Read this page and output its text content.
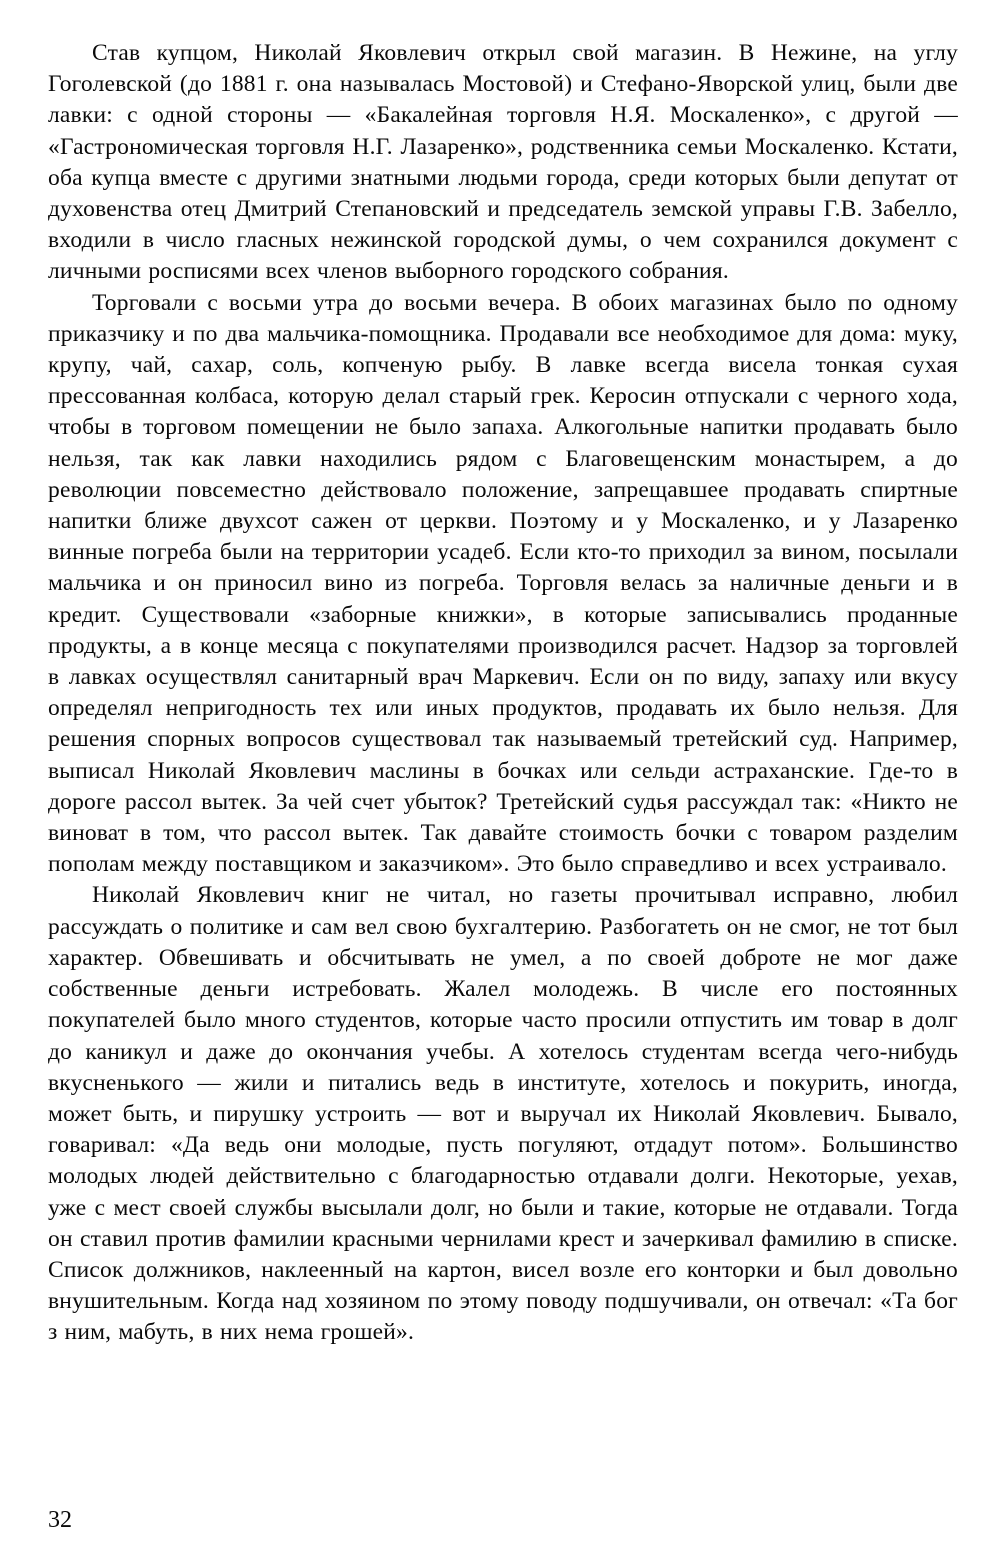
Став купцом, Николай Яковлевич открыл свой магазин. В Нежине, на углу Гоголевской (до 1881 г. она называлась Мостовой) и Стефано-Яворской улиц, были две лавки: с одной стороны — «Бакалейная торговля Н.Я. Москаленко», с другой — «Гастрономическая торговля Н.Г. Лазаренко», родственника семьи Москаленко. Кстати, оба купца вместе с другими знатными людьми города, среди которых были депутат от духовенства отец Дмитрий Степановский и председатель земской управы Г.В. Забелло, входили в число гласных нежинской городской думы, о чем сохранился документ с личными росписями всех членов выборного городского собрания.

Торговали с восьми утра до восьми вечера. В обоих магазинах было по одному приказчику и по два мальчика-помощника. Продавали все необходимое для дома: муку, крупу, чай, сахар, соль, копченую рыбу. В лавке всегда висела тонкая сухая прессованная колбаса, которую делал старый грек. Керосин отпускали с черного хода, чтобы в торговом помещении не было запаха. Алкогольные напитки продавать было нельзя, так как лавки находились рядом с Благовещенским монастырем, а до революции повсеместно действовало положение, запрещавшее продавать спиртные напитки ближе двухсот сажен от церкви. Поэтому и у Москаленко, и у Лазаренко винные погреба были на территории усадеб. Если кто-то приходил за вином, посылали мальчика и он приносил вино из погреба. Торговля велась за наличные деньги и в кредит. Существовали «заборные книжки», в которые записывались проданные продукты, а в конце месяца с покупателями производился расчет. Надзор за торговлей в лавках осуществлял санитарный врач Маркевич. Если он по виду, запаху или вкусу определял непригодность тех или иных продуктов, продавать их было нельзя. Для решения спорных вопросов существовал так называемый третейский суд. Например, выписал Николай Яковлевич маслины в бочках или сельди астраханские. Где-то в дороге рассол вытек. За чей счет убыток? Третейский судья рассуждал так: «Никто не виноват в том, что рассол вытек. Так давайте стоимость бочки с товаром разделим пополам между поставщиком и заказчиком». Это было справедливо и всех устраивало.

Николай Яковлевич книг не читал, но газеты прочитывал исправно, любил рассуждать о политике и сам вел свою бухгалтерию. Разбогатеть он не смог, не тот был характер. Обвешивать и обсчитывать не умел, а по своей доброте не мог даже собственные деньги истребовать. Жалел молодежь. В числе его постоянных покупателей было много студентов, которые часто просили отпустить им товар в долг до каникул и даже до окончания учебы. А хотелось студентам всегда чего-нибудь вкусненького — жили и питались ведь в институте, хотелось и покурить, иногда, может быть, и пирушку устроить — вот и выручал их Николай Яковлевич. Бывало, говаривал: «Да ведь они молодые, пусть погуляют, отдадут потом». Большинство молодых людей действительно с благодарностью отдавали долги. Некоторые, уехав, уже с мест своей службы высылали долг, но были и такие, которые не отдавали. Тогда он ставил против фамилии красными чернилами крест и зачеркивал фамилию в списке. Список должников, наклеенный на картон, висел возле его конторки и был довольно внушительным. Когда над хозяином по этому поводу подшучивали, он отвечал: «Та бог з ним, мабуть, в них нема грошей».

32
